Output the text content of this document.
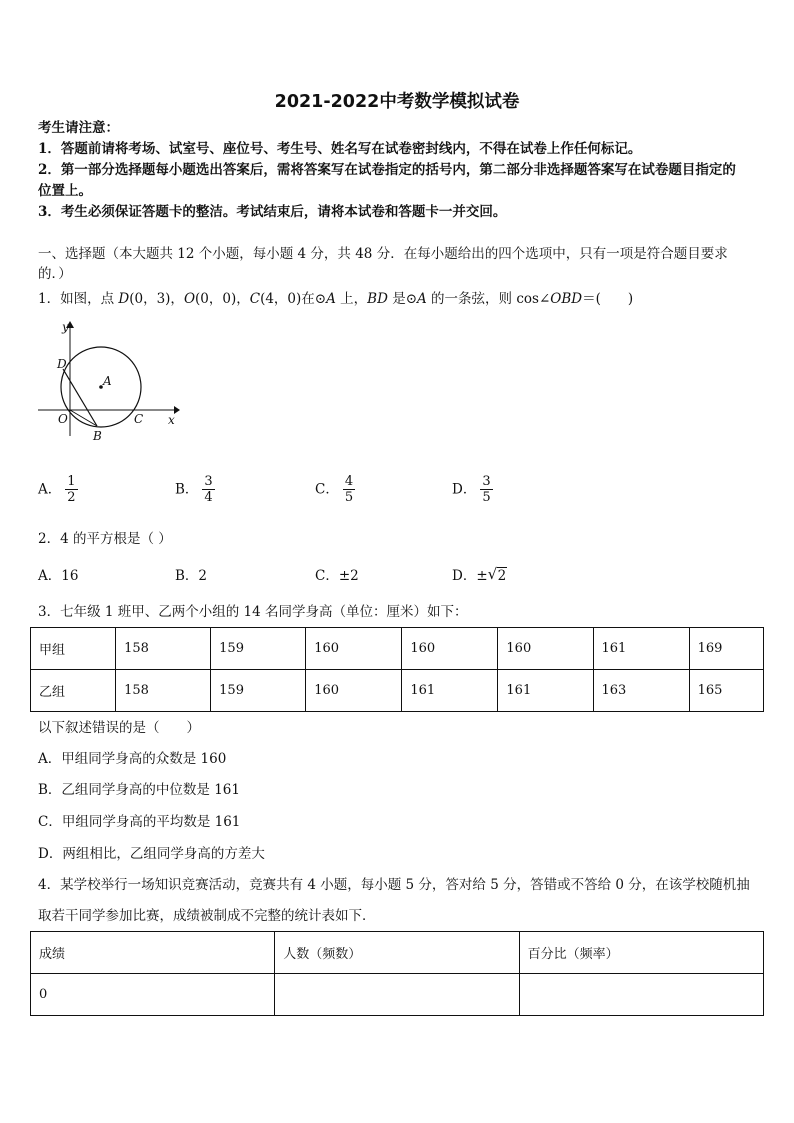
2021-2022中考数学模拟试卷
考生请注意：
1．答题前请将考场、试室号、座位号、考生号、姓名写在试卷密封线内，不得在试卷上作任何标记。
2．第一部分选择题每小题选出答案后，需将答案写在试卷指定的括号内，第二部分非选择题答案写在试卷题目指定的
位置上。
3．考生必须保证答题卡的整洁。考试结束后，请将本试卷和答题卡一并交回。
一、选择题（本大题共 12 个小题，每小题 4 分，共 48 分．在每小题给出的四个选项中，只有一项是符合题目要求
的．）
1．如图，点 D(0，3)，O(0，0)，C(4，0)在⊙A 上，BD 是⊙A 的一条弦，则 cos∠OBD＝(　　)
y
x
D
A
O	C
B
A． $\frac{1}{2}$	B． $\frac{3}{4}$	C． $\frac{4}{5}$	D． $\frac{3}{5}$
2．4 的平方根是（ ）
A．16	B．2	C．±2	D．± √ 2
3．七年级 1 班甲、乙两个小组的 14 名同学身高（单位：厘米）如下：
甲组	158	159	160	160	160	161	169
乙组	158	159	160	161	161	163	165
以下叙述错误的是（　　）
A．甲组同学身高的众数是 160
B．乙组同学身高的中位数是 161
C．甲组同学身高的平均数是 161
D．两组相比，乙组同学身高的方差大
4．某学校举行一场知识竞赛活动，竞赛共有 4 小题，每小题 5 分，答对给 5 分，答错或不答给 0 分，在该学校随机抽
取若干同学参加比赛，成绩被制成不完整的统计表如下．
成绩	人数（频数）	百分比（频率）
0		
